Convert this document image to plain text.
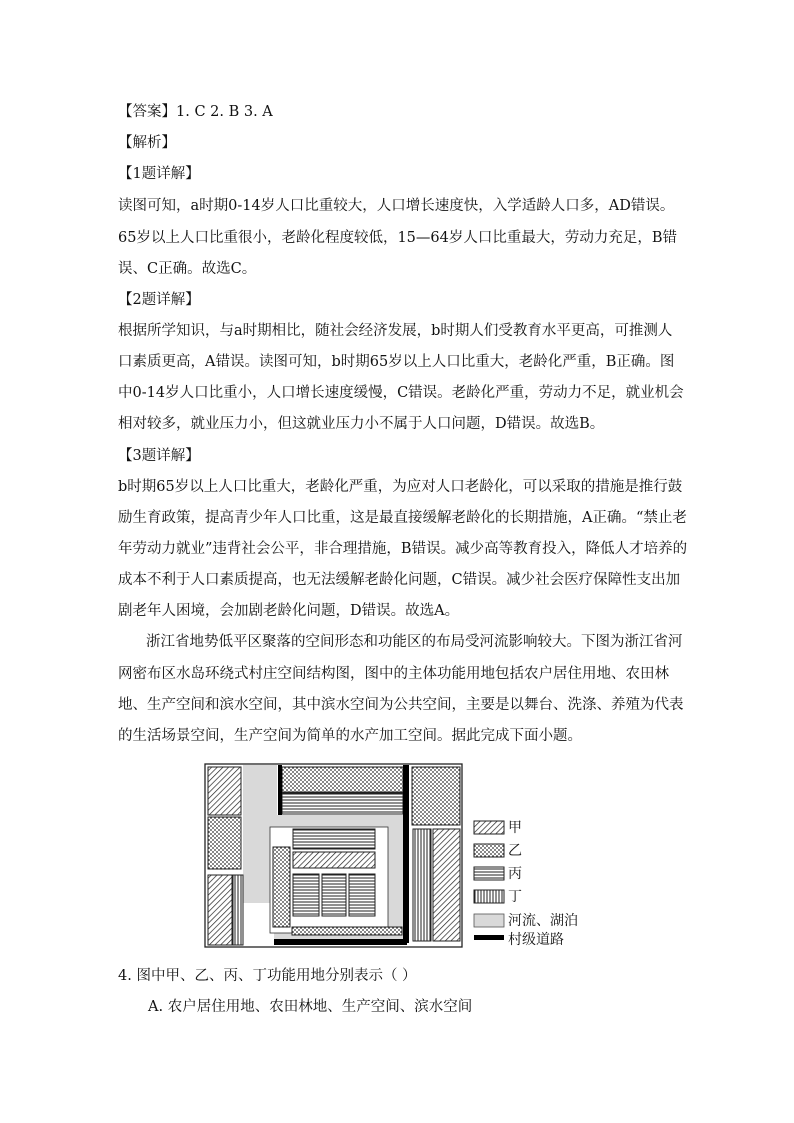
【答案】1. C 2. B 3. A
【解析】
【1题详解】
读图可知，a时期0-14岁人口比重较大，人口增长速度快，入学适龄人口多，AD错误。
65岁以上人口比重很小，老龄化程度较低，15—64岁人口比重最大，劳动力充足，B错
误、C正确。故选C。
【2题详解】
根据所学知识，与a时期相比，随社会经济发展，b时期人们受教育水平更高，可推测人
口素质更高，A错误。读图可知，b时期65岁以上人口比重大，老龄化严重，B正确。图
中0-14岁人口比重小，人口增长速度缓慢，C错误。老龄化严重，劳动力不足，就业机会
相对较多，就业压力小，但这就业压力小不属于人口问题，D错误。故选B。
【3题详解】
b时期65岁以上人口比重大，老龄化严重，为应对人口老龄化，可以采取的措施是推行鼓
励生育政策，提高青少年人口比重，这是最直接缓解老龄化的长期措施，A正确。“禁止老
年劳动力就业”违背社会公平，非合理措施，B错误。减少高等教育投入，降低人才培养的
成本不利于人口素质提高，也无法缓解老龄化问题，C错误。减少社会医疗保障性支出加
剧老年人困境，会加剧老龄化问题，D错误。故选A。
浙江省地势低平区聚落的空间形态和功能区的布局受河流影响较大。下图为浙江省河
网密布区水岛环绕式村庄空间结构图，图中的主体功能用地包括农户居住用地、农田林
地、生产空间和滨水空间，其中滨水空间为公共空间，主要是以舞台、洗涤、养殖为代表
的生活场景空间，生产空间为简单的水产加工空间。据此完成下面小题。
甲
乙
丙
丁
河流、湖泊
村级道路
4. 图中甲、乙、丙、丁功能用地分别表示（ ）
A. 农户居住用地、农田林地、生产空间、滨水空间
